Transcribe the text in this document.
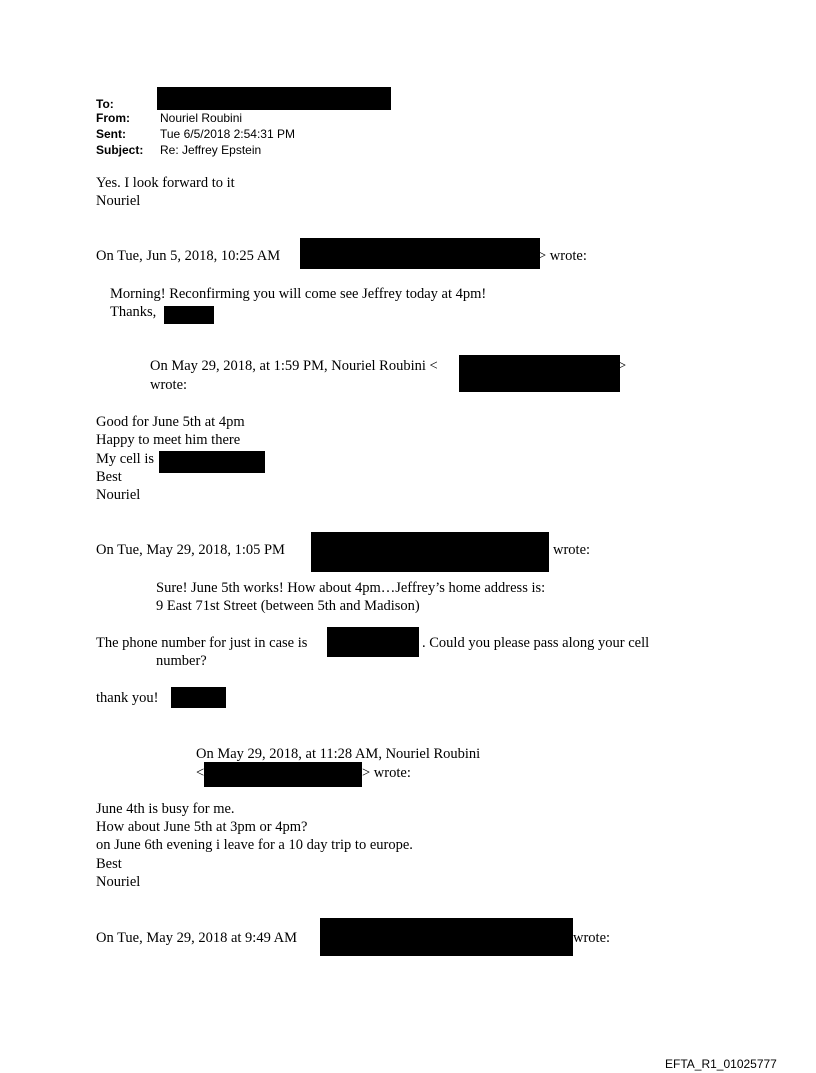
To:
From:	Nouriel Roubini
Sent:	Tue 6/5/2018 2:54:31 PM
Subject: Re: Jeffrey Epstein
Yes. I look forward to it
Nouriel
On Tue, Jun 5, 2018, 10:25 AM	> wrote:
Morning! Reconfirming you will come see Jeffrey today at 4pm!
Thanks,
On May 29, 2018, at 1:59 PM, Nouriel Roubini <	>
wrote:
Good for June 5th at 4pm
Happy to meet him there
My cell is
Best
Nouriel
On Tue, May 29, 2018, 1:05 PM	wrote:
Sure! June 5th works! How about 4pm…Jeffrey’s home address is:
9 East 71st Street (between 5th and Madison)
The phone number for just in case is	. Could you please pass along your cell
number?
thank you!
On May 29, 2018, at 11:28 AM, Nouriel Roubini
<	> wrote:
June 4th is busy for me.
How about June 5th at 3pm or 4pm?
on June 6th evening i leave for a 10 day trip to europe.
Best
Nouriel
On Tue, May 29, 2018 at 9:49 AM	wrote:
EFTA_R1_01025777
